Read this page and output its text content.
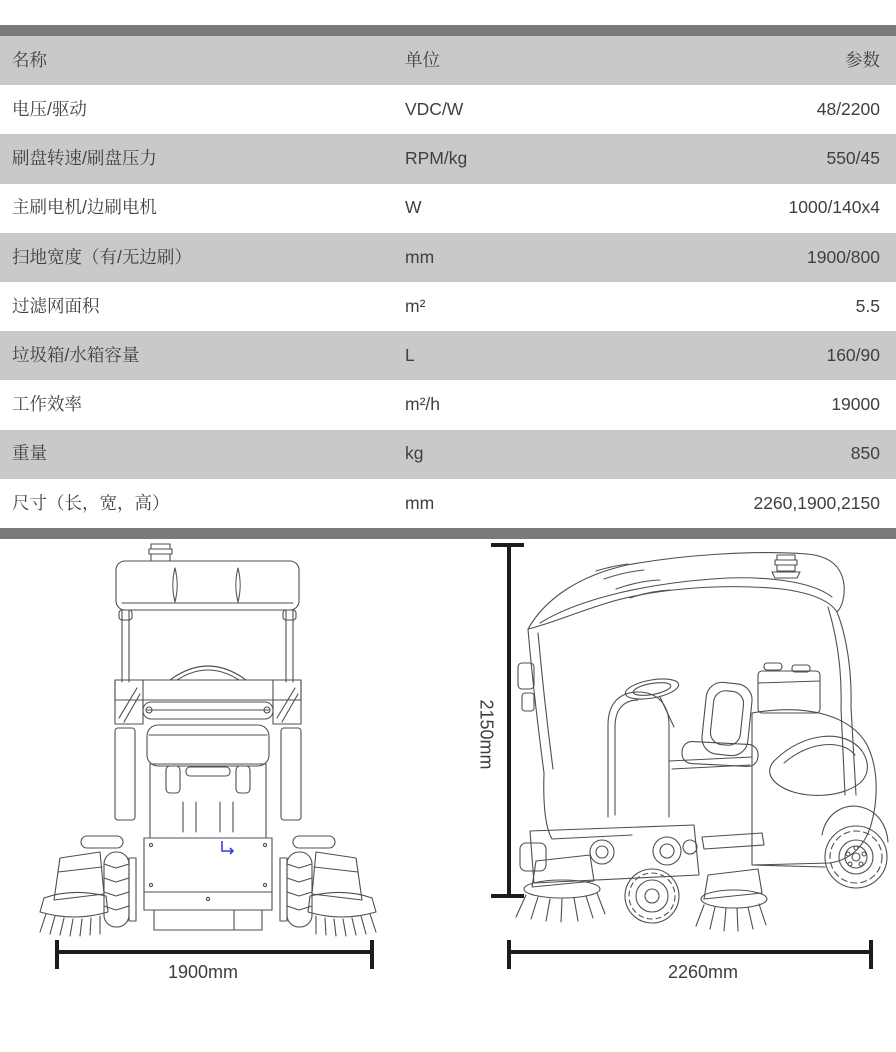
名称	单位	参数
电压/驱动	VDC/W	48/2200
刷盘转速/刷盘压力	RPM/kg	550/45
主刷电机/边刷电机	W	1000/140x4
扫地宽度（有/无边刷）	mm	1900/800
过滤网面积	m²	5.5
垃圾箱/水箱容量	L	160/90
工作效率	m²/h	19000
重量	kg	850
尺寸（长，宽，高）	mm	2260,1900,2150
2150mm
1900mm	2260mm
